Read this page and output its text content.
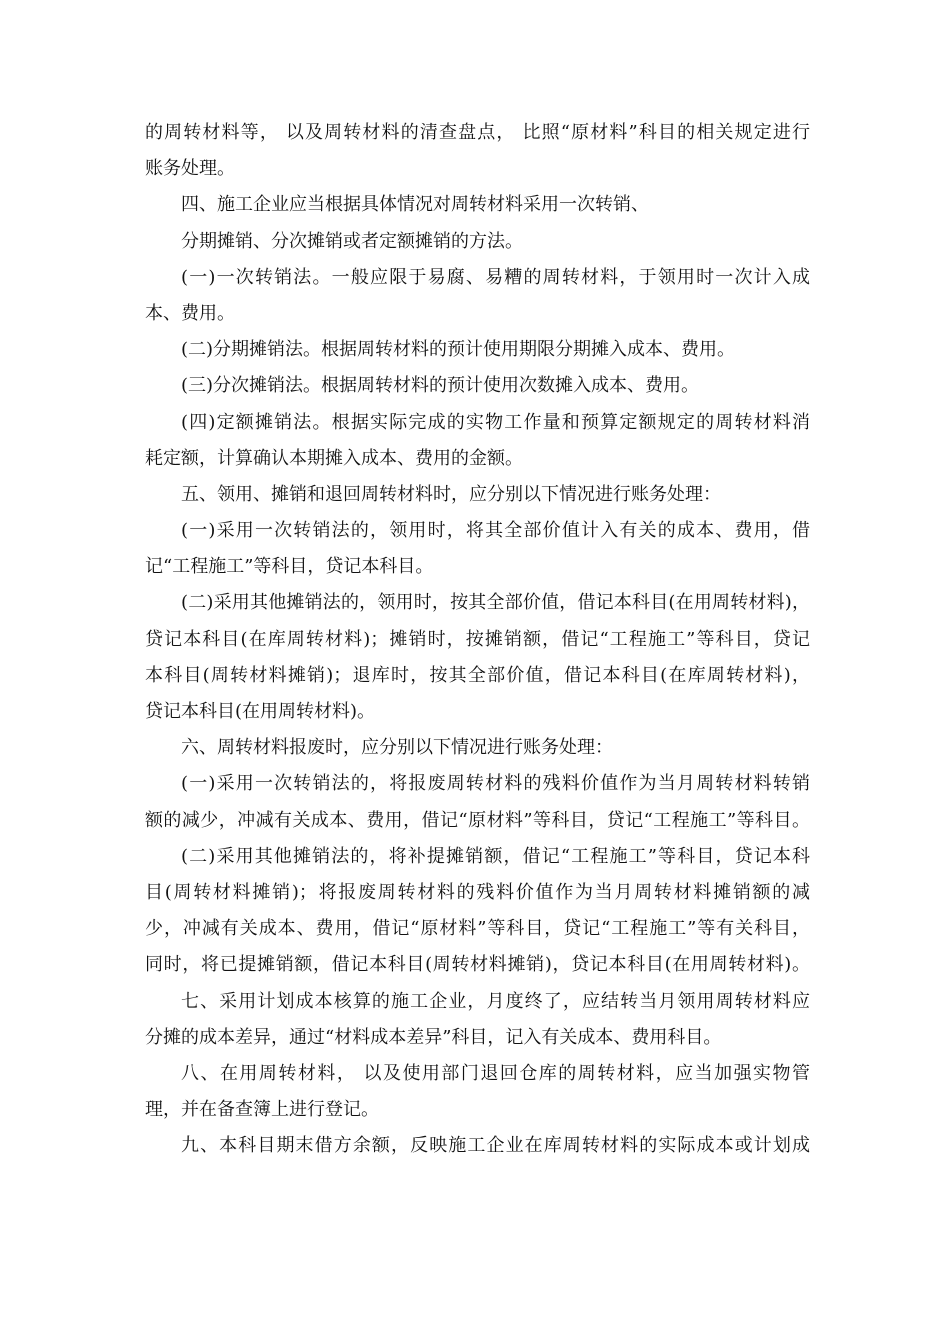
的周转材料等， 以及周转材料的清查盘点， 比照“原材料”科目的相关规定进行
账务处理。
四、施工企业应当根据具体情况对周转材料采用一次转销、
分期摊销、分次摊销或者定额摊销的方法。
(一)一次转销法。一般应限于易腐、易糟的周转材料，于领用时一次计入成
本、费用。
(二)分期摊销法。根据周转材料的预计使用期限分期摊入成本、费用。
(三)分次摊销法。根据周转材料的预计使用次数摊入成本、费用。
(四)定额摊销法。根据实际完成的实物工作量和预算定额规定的周转材料消
耗定额，计算确认本期摊入成本、费用的金额。
五、领用、摊销和退回周转材料时，应分别以下情况进行账务处理：
(一)采用一次转销法的，领用时，将其全部价值计入有关的成本、费用，借
记“工程施工”等科目，贷记本科目。
(二)采用其他摊销法的，领用时，按其全部价值，借记本科目(在用周转材料)，
贷记本科目(在库周转材料)；摊销时，按摊销额，借记“工程施工”等科目，贷记
本科目(周转材料摊销)；退库时，按其全部价值，借记本科目(在库周转材料)，
贷记本科目(在用周转材料)。
六、周转材料报废时，应分别以下情况进行账务处理：
(一)采用一次转销法的，将报废周转材料的残料价值作为当月周转材料转销
额的减少，冲减有关成本、费用，借记“原材料”等科目，贷记“工程施工”等科目。
(二)采用其他摊销法的，将补提摊销额，借记“工程施工”等科目，贷记本科
目(周转材料摊销)；将报废周转材料的残料价值作为当月周转材料摊销额的减
少，冲减有关成本、费用，借记“原材料”等科目，贷记“工程施工”等有关科目，
同时，将已提摊销额，借记本科目(周转材料摊销)，贷记本科目(在用周转材料)。
七、采用计划成本核算的施工企业，月度终了，应结转当月领用周转材料应
分摊的成本差异，通过“材料成本差异”科目，记入有关成本、费用科目。
八、在用周转材料， 以及使用部门退回仓库的周转材料，应当加强实物管
理，并在备查簿上进行登记。
九、本科目期末借方余额，反映施工企业在库周转材料的实际成本或计划成
